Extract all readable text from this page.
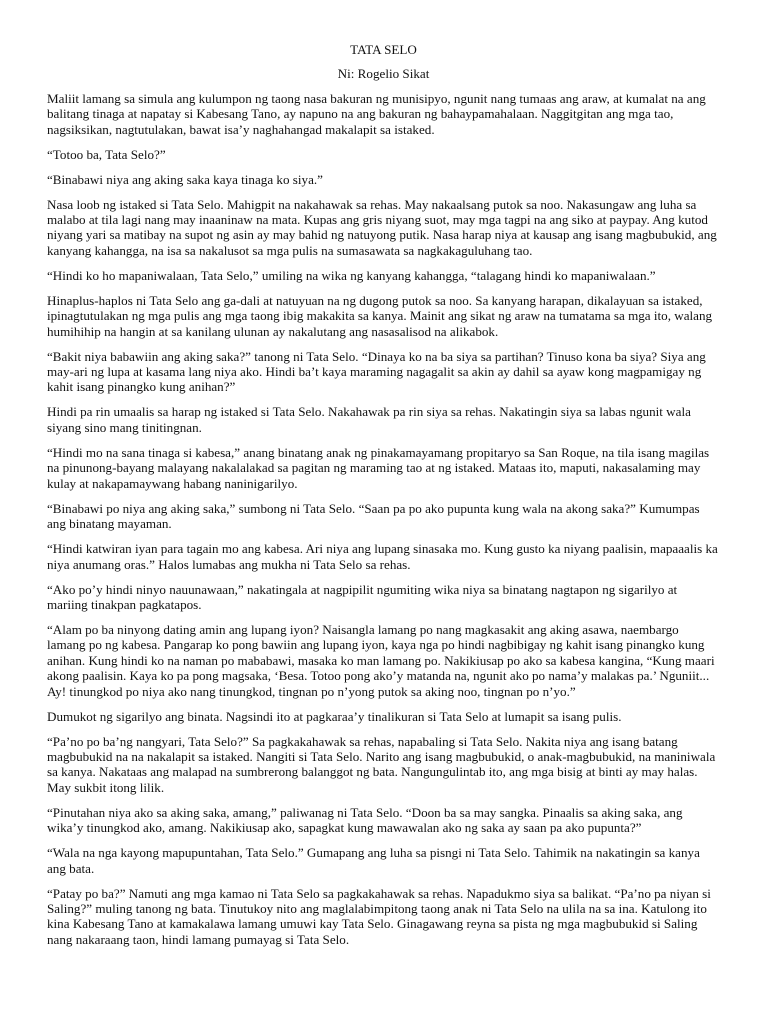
TATA SELO
Ni: Rogelio Sikat

Maliit lamang sa simula ang kulumpon ng taong nasa bakuran ng munisipyo, ngunit nang tumaas ang araw, at kumalat na ang balitang tinaga at napatay si Kabesang Tano, ay napuno na ang bakuran ng bahaypamahalaan. Naggitgitan ang mga tao, nagsiksikan, nagtutulakan, bawat isa’y naghahangad makalapit sa istaked.

“Totoo ba, Tata Selo?”

“Binabawi niya ang aking saka kaya tinaga ko siya.”

Nasa loob ng istaked si Tata Selo. Mahigpit na nakahawak sa rehas. May nakaalsang putok sa noo. Nakasungaw ang luha sa malabo at tila lagi nang may inaaninaw na mata. Kupas ang gris niyang suot, may mga tagpi na ang siko at paypay. Ang kutod niyang yari sa matibay na supot ng asin ay may bahid ng natuyong putik. Nasa harap niya at kausap ang isang magbubukid, ang kanyang kahangga, na isa sa nakalusot sa mga pulis na sumasawata sa nagkakaguluhang tao.

“Hindi ko ho mapaniwalaan, Tata Selo,” umiling na wika ng kanyang kahangga, “talagang hindi ko mapaniwalaan.”

Hinaplus-haplos ni Tata Selo ang ga-dali at natuyuan na ng dugong putok sa noo. Sa kanyang harapan, dikalayuan sa istaked, ipinagtutulakan ng mga pulis ang mga taong ibig makakita sa kanya. Mainit ang sikat ng araw na tumatama sa mga ito, walang humihihip na hangin at sa kanilang ulunan ay nakalutang ang nasasalisod na alikabok.

“Bakit niya babawiin ang aking saka?” tanong ni Tata Selo. “Dinaya ko na ba siya sa partihan? Tinuso kona ba siya? Siya ang may-ari ng lupa at kasama lang niya ako. Hindi ba’t kaya maraming nagagalit sa akin ay dahil sa ayaw kong magpamigay ng kahit isang pinangko kung anihan?”

Hindi pa rin umaalis sa harap ng istaked si Tata Selo. Nakahawak pa rin siya sa rehas. Nakatingin siya sa labas ngunit wala siyang sino mang tinitingnan.

“Hindi mo na sana tinaga si kabesa,” anang binatang anak ng pinakamayamang propitaryo sa San Roque, na tila isang magilas na pinunong-bayang malayang nakalalakad sa pagitan ng maraming tao at ng istaked. Mataas ito, maputi, nakasalaming may kulay at nakapamaywang habang naninigarilyo.

“Binabawi po niya ang aking saka,” sumbong ni Tata Selo. “Saan pa po ako pupunta kung wala na akong saka?” Kumumpas ang binatang mayaman.

“Hindi katwiran iyan para tagain mo ang kabesa. Ari niya ang lupang sinasaka mo. Kung gusto ka niyang paalisin, mapaaalis ka niya anumang oras.” Halos lumabas ang mukha ni Tata Selo sa rehas.

“Ako po’y hindi ninyo nauunawaan,” nakatingala at nagpipilit ngumiting wika niya sa binatang nagtapon ng sigarilyo at mariing tinakpan pagkatapos.

“Alam po ba ninyong dating amin ang lupang iyon? Naisangla lamang po nang magkasakit ang aking asawa, naembargo lamang po ng kabesa. Pangarap ko pong bawiin ang lupang iyon, kaya nga po hindi nagbibigay ng kahit isang pinangko kung anihan. Kung hindi ko na naman po mababawi, masaka ko man lamang po. Nakikiusap po ako sa kabesa kangina, “Kung maari akong paalisin. Kaya ko pa pong magsaka, ‘Besa. Totoo pong ako’y matanda na, ngunit ako po nama’y malakas pa.’ Nguniit... Ay! tinungkod po niya ako nang tinungkod, tingnan po n’yong putok sa aking noo, tingnan po n’yo.”

Dumukot ng sigarilyo ang binata. Nagsindi ito at pagkaraa’y tinalikuran si Tata Selo at lumapit sa isang pulis.

“Pa’no po ba’ng nangyari, Tata Selo?” Sa pagkakahawak sa rehas, napabaling si Tata Selo. Nakita niya ang isang batang magbubukid na na nakalapit sa istaked. Nangiti si Tata Selo. Narito ang isang magbubukid, o anak-magbubukid, na maniniwala sa kanya. Nakataas ang malapad na sumbrerong balanggot ng bata. Nangungulintab ito, ang mga bisig at binti ay may halas. May sukbit itong lilik.

“Pinutahan niya ako sa aking saka, amang,” paliwanag ni Tata Selo. “Doon ba sa may sangka. Pinaalis sa aking saka, ang wika’y tinungkod ako, amang. Nakikiusap ako, sapagkat kung mawawalan ako ng saka ay saan pa ako pupunta?”

“Wala na nga kayong mapupuntahan, Tata Selo.” Gumapang ang luha sa pisngi ni Tata Selo. Tahimik na nakatingin sa kanya ang bata.

“Patay po ba?” Namuti ang mga kamao ni Tata Selo sa pagkakahawak sa rehas. Napadukmo siya sa balikat. “Pa’no pa niyan si Saling?” muling tanong ng bata. Tinutukoy nito ang maglalabimpitong taong anak ni Tata Selo na ulila na sa ina. Katulong ito kina Kabesang Tano at kamakalawa lamang umuwi kay Tata Selo. Ginagawang reyna sa pista ng mga magbubukid si Saling nang nakaraang taon, hindi lamang pumayag si Tata Selo.
